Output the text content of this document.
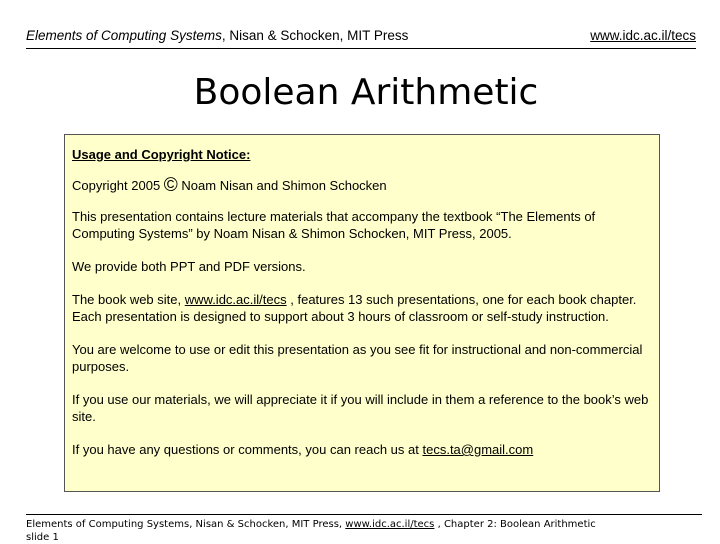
Elements of Computing Systems, Nisan & Schocken, MIT Press	www.idc.ac.il/tecs
Boolean Arithmetic

Usage and Copyright Notice:

Copyright 2005 © Noam Nisan and Shimon Schocken

This presentation contains lecture materials that accompany the textbook “The Elements of Computing Systems” by Noam Nisan & Shimon Schocken, MIT Press, 2005.

We provide both PPT and PDF versions.

The book web site, www.idc.ac.il/tecs , features 13 such presentations, one for each book chapter. Each presentation is designed to support about 3 hours of classroom or self-study instruction.

You are welcome to use or edit this presentation as you see fit for instructional and non-commercial purposes.

If you use our materials, we will appreciate it if you will include in them a reference to the book’s web site.

If you have any questions or comments, you can reach us at tecs.ta@gmail.com

Elements of Computing Systems, Nisan & Schocken, MIT Press, www.idc.ac.il/tecs , Chapter 2: Boolean Arithmetic
slide 1
